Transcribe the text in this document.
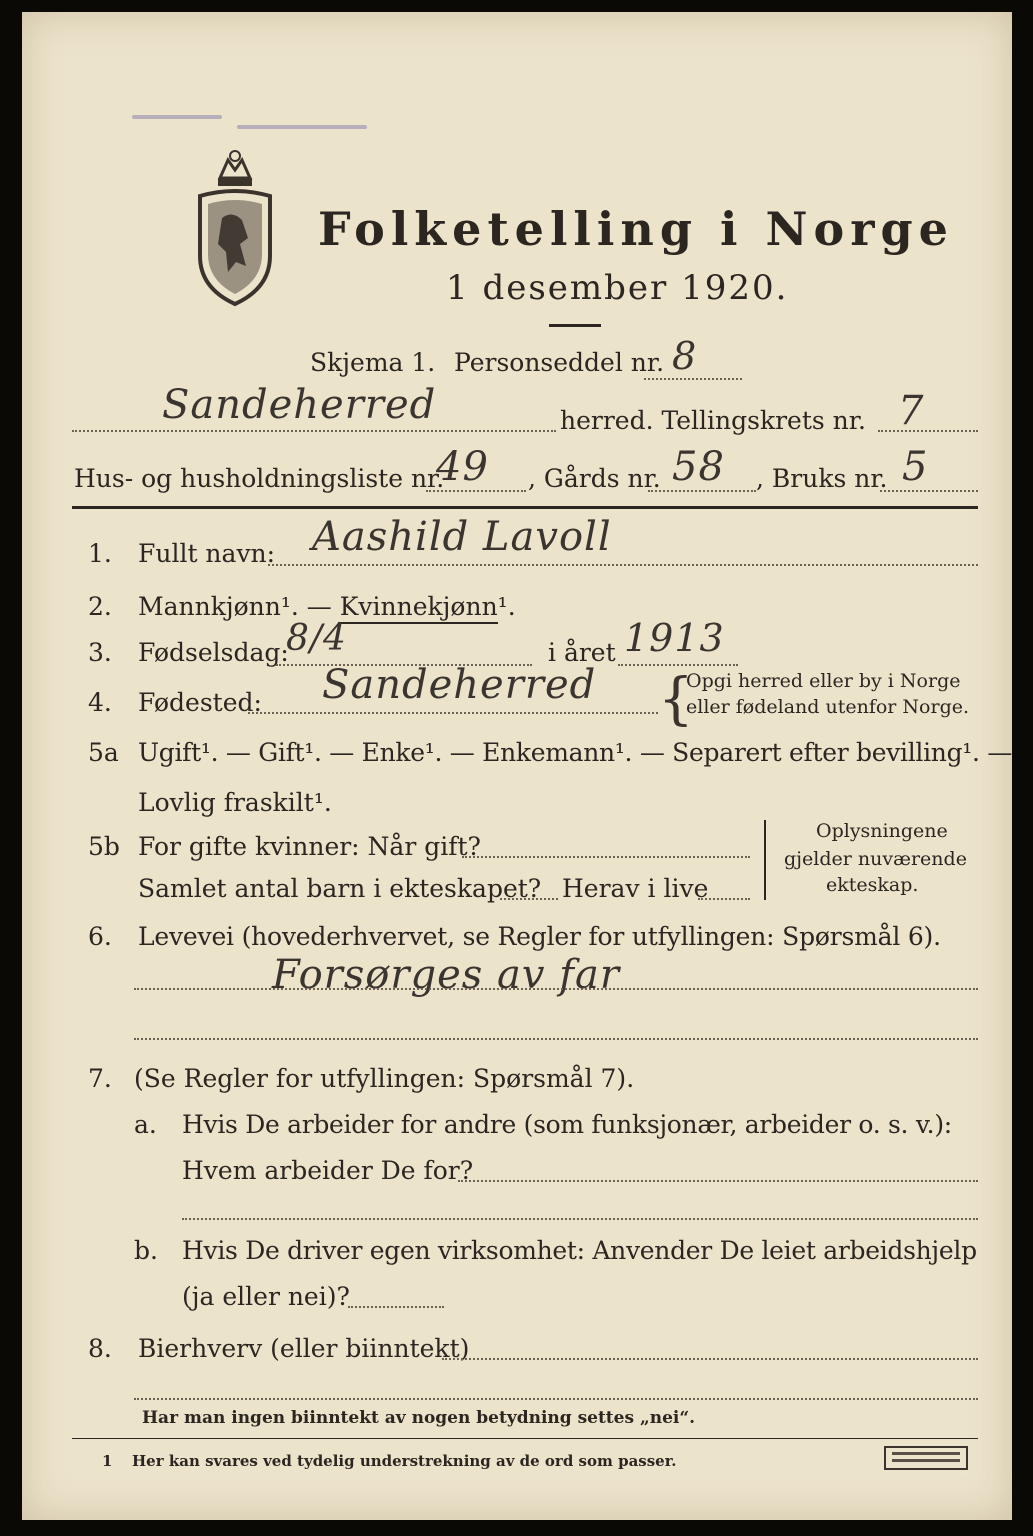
Folketelling i Norge
1 desember 1920.
Skjema 1. Personseddel nr. 8
Sandeherred	herred. Tellingskrets nr. 7
Hus- og husholdningsliste nr.
49 , Gårds nr. 58 , Bruks nr. 5
1. Fullt navn: Aashild Lavoll
2. Mannkjønn¹. — Kvinnekjønn¹.
3. Fødselsdag:
8/4	i året 1913
4. Fødested: Sandeherred {
Opgi herred eller by i Norge
eller fødeland utenfor Norge.
5a Ugift¹. — Gift¹. — Enke¹. — Enkemann¹. — Separert efter bevilling¹. —
Lovlig fraskilt¹.
5b For gifte kvinner: Når gift?
Samlet antal barn i ekteskapet? Herav i live
Oplysningene
gjelder nuværende
ekteskap.
6. Levevei (hovederhvervet, se Regler for utfyllingen: Spørsmål 6).
Forsørges av far
7. (Se Regler for utfyllingen: Spørsmål 7).
a. Hvis De arbeider for andre (som funksjonær, arbeider o. s. v.):
Hvem arbeider De for?
b. Hvis De driver egen virksomhet: Anvender De leiet arbeidshjelp
(ja eller nei)?
8. Bierhverv (eller biinntekt)
Har man ingen biinntekt av nogen betydning settes „nei“.
1 Her kan svares ved tydelig understrekning av de ord som passer.
